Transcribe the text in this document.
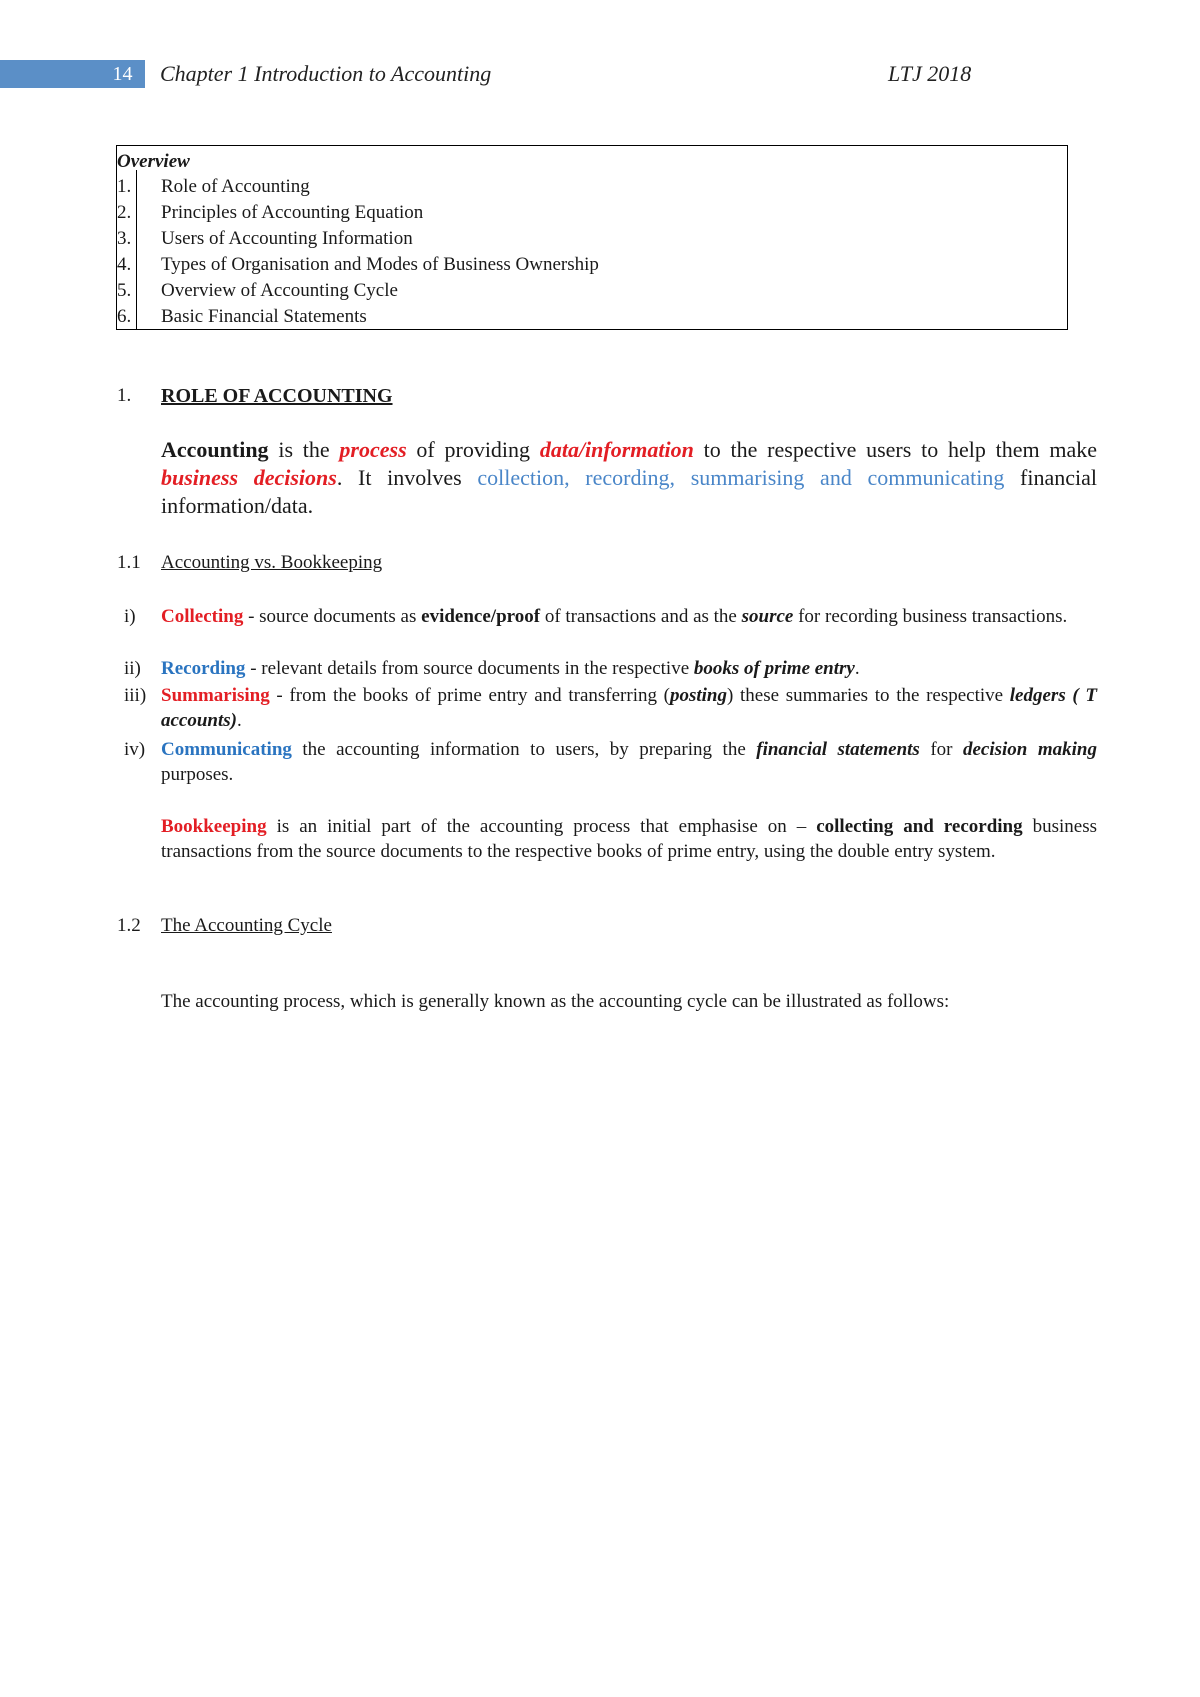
14	Chapter 1 Introduction to Accounting	LTJ 2018
Overview
1. Role of Accounting
2. Principles of Accounting Equation
3. Users of Accounting Information
4. Types of Organisation and Modes of Business Ownership
5. Overview of Accounting Cycle
6. Basic Financial Statements
1. ROLE OF ACCOUNTING
Accounting is the process of providing data/information to the respective users to help them make business decisions. It involves collection, recording, summarising and communicating financial information/data.
1.1 Accounting vs. Bookkeeping
i)	Collecting - source documents as evidence/proof of transactions and as the source for recording business transactions.
ii)	Recording - relevant details from source documents in the respective books of prime entry.
iii) Summarising - from the books of prime entry and transferring (posting) these summaries to the respective ledgers ( T accounts).
iv) Communicating the accounting information to users, by preparing the financial statements for decision making purposes.
Bookkeeping is an initial part of the accounting process that emphasise on – collecting and recording business transactions from the source documents to the respective books of prime entry, using the double entry system.
1.2 The Accounting Cycle
The accounting process, which is generally known as the accounting cycle can be illustrated as follows:
